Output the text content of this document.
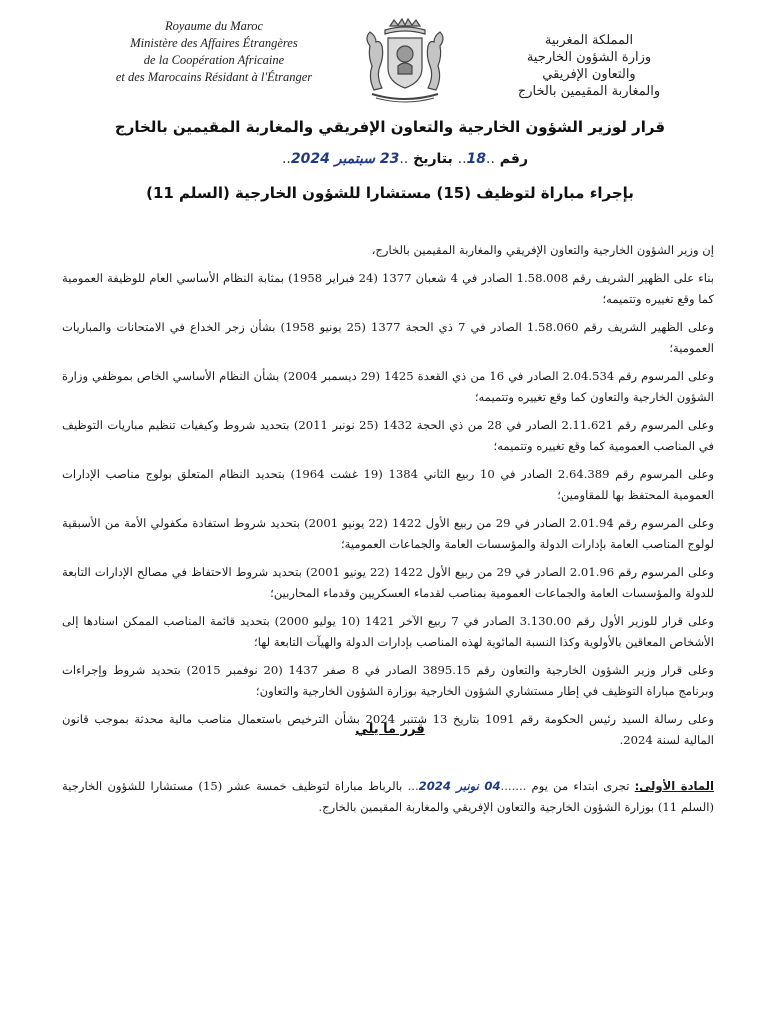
Royaume du Maroc
Ministère des Affaires Étrangères
de la Coopération Africaine
et des Marocains Résidant à l'Étranger
المملكة المغربية
وزارة الشؤون الخارجية
والتعاون الإفريقي
والمغاربة المقيمين بالخارج
قرار لوزير الشؤون الخارجية والتعاون الإفريقي والمغاربة المقيمين بالخارج
رقم ..18.. بتاريخ ..23 سبتمبر 2024..
بإجراء مباراة لتوظيف (15) مستشارا للشؤون الخارجية (السلم 11)

إن وزير الشؤون الخارجية والتعاون الإفريقي والمغاربة المقيمين بالخارج،

بناء على الظهير الشريف رقم 1.58.008 الصادر في 4 شعبان 1377 (24 فبراير 1958) بمثابة النظام الأساسي العام للوظيفة العمومية كما وقع تغييره وتتميمه؛

وعلى الظهير الشريف رقم 1.58.060 الصادر في 7 ذي الحجة 1377 (25 يونيو 1958) بشأن زجر الخداع في الامتحانات والمباريات العمومية؛

وعلى المرسوم رقم 2.04.534 الصادر في 16 من ذي القعدة 1425 (29 ديسمبر 2004) بشأن النظام الأساسي الخاص بموظفي وزارة الشؤون الخارجية والتعاون كما وقع تغييره وتتميمه؛

وعلى المرسوم رقم 2.11.621 الصادر في 28 من ذي الحجة 1432 (25 نونبر 2011) بتحديد شروط وكيفيات تنظيم مباريات التوظيف في المناصب العمومية كما وقع تغييره وتتميمه؛

وعلى المرسوم رقم 2.64.389 الصادر في 10 ربيع الثاني 1384 (19 غشت 1964) بتحديد النظام المتعلق بولوج مناصب الإدارات العمومية المحتفظ بها للمقاومين؛

وعلى المرسوم رقم 2.01.94 الصادر في 29 من ربيع الأول 1422 (22 يونيو 2001) بتحديد شروط استفادة مكفولي الأمة من الأسبقية لولوج المناصب العامة بإدارات الدولة والمؤسسات العامة والجماعات العمومية؛

وعلى المرسوم رقم 2.01.96 الصادر في 29 من ربيع الأول 1422 (22 يونيو 2001) بتحديد شروط الاحتفاظ في مصالح الإدارات التابعة للدولة والمؤسسات العامة والجماعات العمومية بمناصب لقدماء العسكريين وقدماء المحاربين؛

وعلى قرار للوزير الأول رقم 3.130.00 الصادر في 7 ربيع الآخر 1421 (10 يوليو 2000) بتحديد قائمة المناصب الممكن اسنادها إلى الأشخاص المعاقين بالأولوية وكذا النسبة المائوية لهذه المناصب بإدارات الدولة والهيآت التابعة لها؛

وعلى قرار وزير الشؤون الخارجية والتعاون رقم 3895.15 الصادر في 8 صفر 1437 (20 نوفمبر 2015) بتحديد شروط وإجراءات وبرنامج مباراة التوظيف في إطار مستشاري الشؤون الخارجية بوزارة الشؤون الخارجية والتعاون؛

وعلى رسالة السيد رئيس الحكومة رقم 1091 بتاريخ 13 شتنبر 2024 بشأن الترخيص باستعمال مناصب مالية محدثة بموجب قانون المالية لسنة 2024.

قرر ما يلي
المادة الأولى: تجرى ابتداء من يوم .......04 نونبر 2024... بالرباط مباراة لتوظيف خمسة عشر (15) مستشارا للشؤون الخارجية (السلم 11) بوزارة الشؤون الخارجية والتعاون الإفريقي والمغاربة المقيمين بالخارج.
